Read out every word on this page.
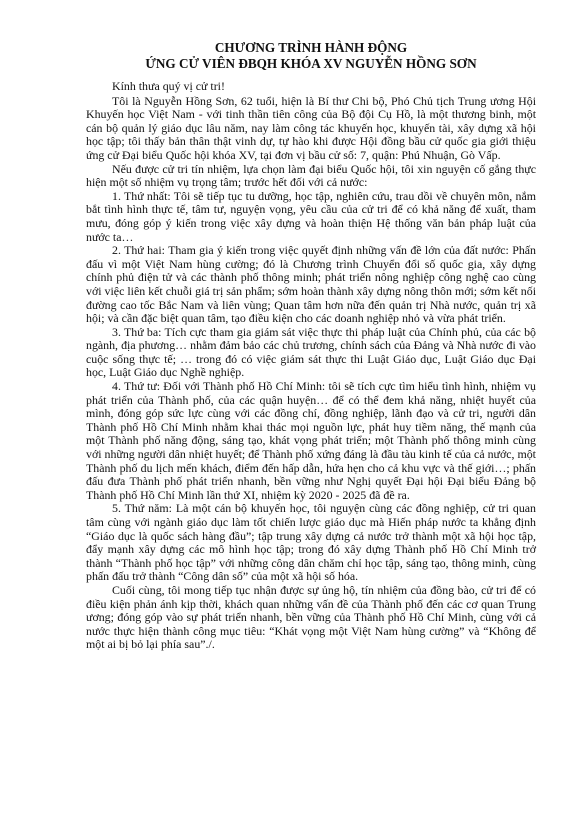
CHƯƠNG TRÌNH HÀNH ĐỘNG
ỨNG CỬ VIÊN ĐBQH KHÓA XV NGUYỄN HỒNG SƠN

Kính thưa quý vị cử tri!

Tôi là Nguyễn Hồng Sơn, 62 tuổi, hiện là Bí thư Chi bộ, Phó Chủ tịch Trung ương Hội Khuyến học Việt Nam - với tinh thần tiên công của Bộ đội Cụ Hồ, là một thương binh, một cán bộ quản lý giáo dục lâu năm, nay làm công tác khuyến học, khuyến tài, xây dựng xã hội học tập; tôi thấy bản thân thật vinh dự, tự hào khi được Hội đồng bầu cử quốc gia giới thiệu ứng cử Đại biểu Quốc hội khóa XV, tại đơn vị bầu cử số: 7, quận: Phú Nhuận, Gò Vấp.

Nếu được cử tri tín nhiệm, lựa chọn làm đại biểu Quốc hội, tôi xin nguyện cố gắng thực hiện một số nhiệm vụ trọng tâm; trước hết đối với cả nước:

1. Thứ nhất: Tôi sẽ tiếp tục tu dưỡng, học tập, nghiên cứu, trau dồi về chuyên môn, nắm bắt tình hình thực tế, tâm tư, nguyện vọng, yêu cầu của cử tri để có khả năng để xuất, tham mưu, đóng góp ý kiến trong việc xây dựng và hoàn thiện Hệ thống văn bản pháp luật của nước ta…

2. Thứ hai: Tham gia ý kiến trong việc quyết định những vấn đề lớn của đất nước: Phấn đấu vì một Việt Nam hùng cường; đó là Chương trình Chuyển đổi số quốc gia, xây dựng chính phủ điện tử và các thành phố thông minh; phát triển nông nghiệp công nghệ cao cùng với việc liên kết chuỗi giá trị sản phẩm; sớm hoàn thành xây dựng nông thôn mới; sớm kết nối đường cao tốc Bắc Nam và liên vùng; Quan tâm hơn nữa đến quản trị Nhà nước, quản trị xã hội; và cần đặc biệt quan tâm, tạo điều kiện cho các doanh nghiệp nhỏ và vừa phát triển.

3. Thứ ba: Tích cực tham gia giám sát việc thực thi pháp luật của Chính phủ, của các bộ ngành, địa phương… nhằm đảm bảo các chủ trương, chính sách của Đảng và Nhà nước đi vào cuộc sống thực tế; … trong đó có việc giám sát thực thi Luật Giáo dục, Luật Giáo dục Đại học, Luật Giáo dục Nghề nghiệp.

4. Thứ tư: Đối với Thành phố Hồ Chí Minh: tôi sẽ tích cực tìm hiểu tình hình, nhiệm vụ phát triển của Thành phố, của các quận huyện… để có thể đem khả năng, nhiệt huyết của mình, đóng góp sức lực cùng với các đồng chí, đồng nghiệp, lãnh đạo và cử tri, người dân Thành phố Hồ Chí Minh nhằm khai thác mọi nguồn lực, phát huy tiềm năng, thế mạnh của một Thành phố năng động, sáng tạo, khát vọng phát triển; một Thành phố thông minh cùng với những người dân nhiệt huyết; để Thành phố xứng đáng là đầu tàu kinh tế của cả nước, một Thành phố du lịch mến khách, điểm đến hấp dẫn, hứa hẹn cho cả khu vực và thế giới…; phấn đấu đưa Thành phố phát triển nhanh, bền vững như Nghị quyết Đại hội Đại biểu Đảng bộ Thành phố Hồ Chí Minh lần thứ XI, nhiệm kỳ 2020 - 2025 đã đề ra.

5. Thứ năm: Là một cán bộ khuyến học, tôi nguyện cùng các đồng nghiệp, cử tri quan tâm cùng với ngành giáo dục làm tốt chiến lược giáo dục mà Hiến pháp nước ta khẳng định “Giáo dục là quốc sách hàng đầu”; tập trung xây dựng cả nước trở thành một xã hội học tập, đẩy mạnh xây dựng các mô hình học tập; trong đó xây dựng Thành phố Hồ Chí Minh trở thành “Thành phố học tập” với những công dân chăm chỉ học tập, sáng tạo, thông minh, cùng phấn đấu trở thành “Công dân số” của một xã hội số hóa.

Cuối cùng, tôi mong tiếp tục nhận được sự ủng hộ, tín nhiệm của đồng bào, cử tri để có điều kiện phản ánh kịp thời, khách quan những vấn đề của Thành phố đến các cơ quan Trung ương; đóng góp vào sự phát triển nhanh, bền vững của Thành phố Hồ Chí Minh, cùng với cả nước thực hiện thành công mục tiêu: “Khát vọng một Việt Nam hùng cường” và “Không để một ai bị bỏ lại phía sau”./.
